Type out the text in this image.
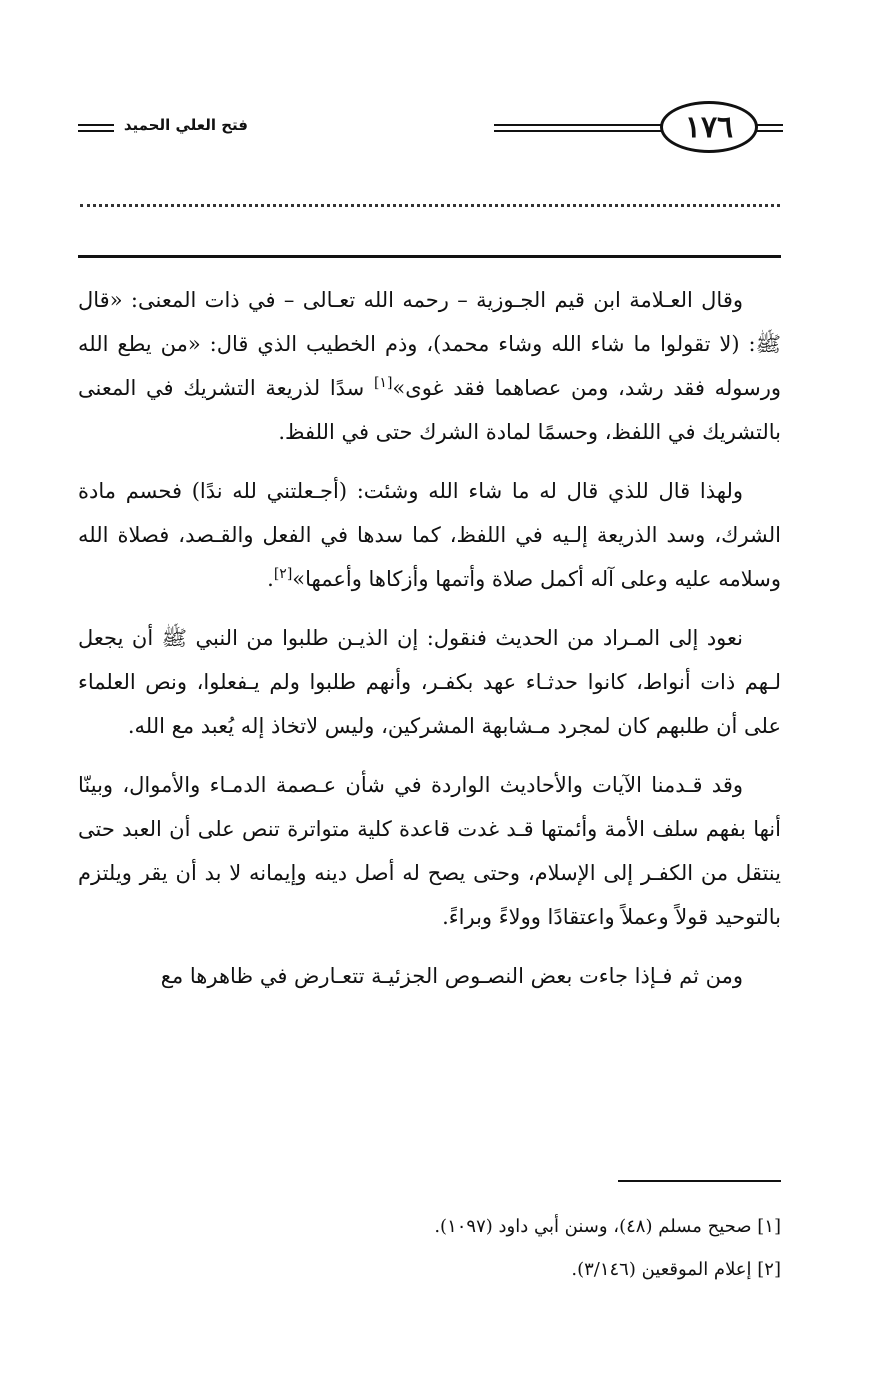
١٧٦
فتح العلي الحميد

وقال العـلامة ابن قيم الجـوزية – رحمه الله تعـالى – في ذات المعنى: «قال ﷺ: (لا تقولوا ما شاء الله وشاء محمد)، وذم الخطيب الذي قال: «من يطع الله ورسوله فقد رشد، ومن عصاهما فقد غوى»[١] سدًا لذريعة التشريك في المعنى بالتشريك في اللفظ، وحسمًا لمادة الشرك حتى في اللفظ.

ولهذا قال للذي قال له ما شاء الله وشئت: (أجـعلتني لله ندًا) فحسم مادة الشرك، وسد الذريعة إلـيه في اللفظ، كما سدها في الفعل والقـصد، فصلاة الله وسلامه عليه وعلى آله أكمل صلاة وأتمها وأزكاها وأعمها»[٢].

نعود إلى المـراد من الحديث فنقول: إن الذيـن طلبوا من النبي ﷺ أن يجعل لـهم ذات أنواط، كانوا حدثـاء عهد بكفـر، وأنهم طلبوا ولم يـفعلوا، ونص العلماء على أن طلبهم كان لمجرد مـشابهة المشركين، وليس لاتخاذ إله يُعبد مع الله.

وقد قـدمنا الآيات والأحاديث الواردة في شأن عـصمة الدمـاء والأموال، وبينّا أنها بفهم سلف الأمة وأئمتها قـد غدت قاعدة كلية متواترة تنص على أن العبد حتى ينتقل من الكفـر إلى الإسلام، وحتى يصح له أصل دينه وإيمانه لا بد أن يقر ويلتزم بالتوحيد قولاً وعملاً واعتقادًا وولاءً وبراءً.

ومن ثم فـإذا جاءت بعض النصـوص الجزئيـة تتعـارض في ظاهرها مع

[١] صحيح مسلم (٤٨)، وسنن أبي داود (١٠٩٧).

[٢] إعلام الموقعين (٣/١٤٦).
